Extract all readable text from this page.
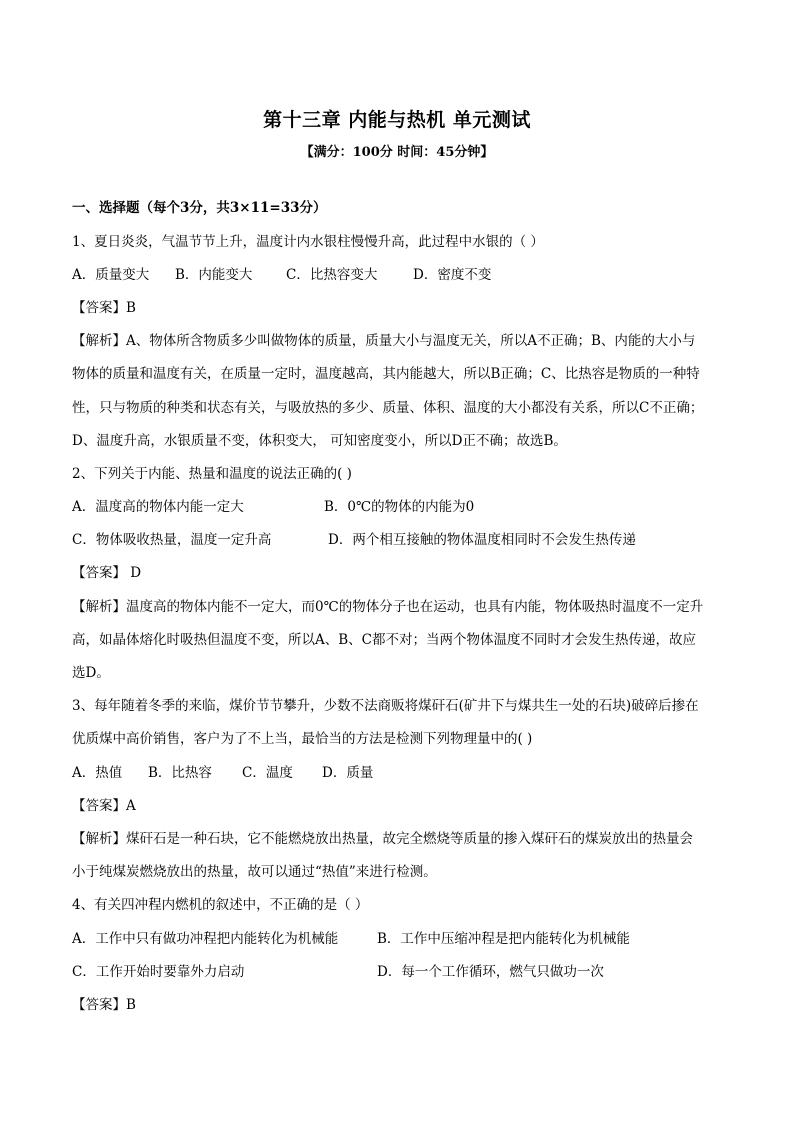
第十三章 内能与热机 单元测试
【满分：100分 时间：45分钟】
一、选择题（每个3分，共3×11=33分）
1、夏日炎炎，气温节节上升，温度计内水银柱慢慢升高，此过程中水银的（ ）
A．质量变大 B．内能变大 C．比热容变大	D．密度不变
【答案】B
【解析】A、物体所含物质多少叫做物体的质量，质量大小与温度无关，所以A不正确；B、内能的大小与
物体的质量和温度有关，在质量一定时，温度越高，其内能越大，所以B正确；C、比热容是物质的一种特
性，只与物质的种类和状态有关，与吸放热的多少、质量、体积、温度的大小都没有关系，所以C不正确；
D、温度升高，水银质量不变，体积变大， 可知密度变小，所以D正不确；故选B。
2、下列关于内能、热量和温度的说法正确的( )
A．温度高的物体内能一定大	B．0℃的物体的内能为0
C．物体吸收热量，温度一定升高	D．两个相互接触的物体温度相同时不会发生热传递
【答案】 D
【解析】温度高的物体内能不一定大，而0℃的物体分子也在运动，也具有内能，物体吸热时温度不一定升
高，如晶体熔化时吸热但温度不变，所以A、B、C都不对；当两个物体温度不同时才会发生热传递，故应
选D。
3、每年随着冬季的来临，煤价节节攀升，少数不法商贩将煤矸石(矿井下与煤共生一处的石块)破碎后掺在
优质煤中高价销售，客户为了不上当，最恰当的方法是检测下列物理量中的( )
A．热值 B．比热容 C．温度 D．质量
【答案】A
【解析】煤矸石是一种石块，它不能燃烧放出热量，故完全燃烧等质量的掺入煤矸石的煤炭放出的热量会
小于纯煤炭燃烧放出的热量，故可以通过“热值”来进行检测。
4、有关四冲程内燃机的叙述中，不正确的是（ ）
A．工作中只有做功冲程把内能转化为机械能	B．工作中压缩冲程是把内能转化为机械能
C．工作开始时要靠外力启动	D．每一个工作循环，燃气只做功一次
【答案】B
